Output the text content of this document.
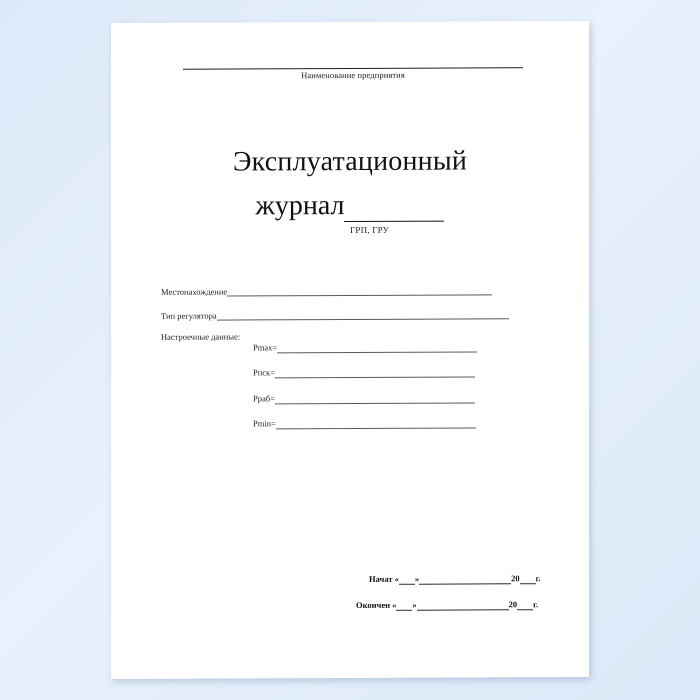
Наименование предприятия
Эксплуатационный
журнал
ГРП, ГРУ
Местонахождение
Тип регулятора
Настроечные данные:
Pmax=
Pпск=
Pраб=
Pmin=
Начат
« »	20 г.
Окончен
« »	20 г.
